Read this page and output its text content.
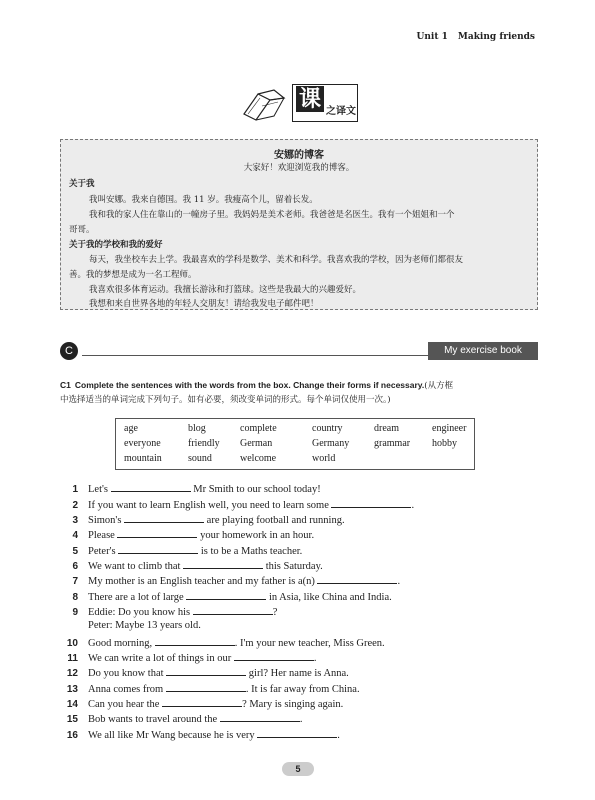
Unit 1 Making friends
课 之译文
安娜的博客
大家好！欢迎浏览我的博客。
关于我
我叫安娜。我来自德国。我 11 岁。我瘦高个儿，留着长发。
我和我的家人住在靠山的一幢房子里。我妈妈是美术老师。我爸爸是名医生。我有一个姐姐和一个
哥哥。
关于我的学校和我的爱好
每天，我坐校车去上学。我最喜欢的学科是数学、美术和科学。我喜欢我的学校，因为老师们都很友
善。我的梦想是成为一名工程师。
我喜欢很多体育运动。我擅长游泳和打篮球。这些是我最大的兴趣爱好。
我想和来自世界各地的年轻人交朋友！请给我发电子邮件吧！
C	My exercise book
C1 Complete the sentences with the words from the box. Change their forms if necessary.(从方框
中选择适当的单词完成下列句子。如有必要，须改变单词的形式。每个单词仅使用一次。)
age	blog	complete	country	dream	engineer
everyone	friendly German	Germany grammar hobby
mountain	sound	welcome	world
1 Let's	Mr Smith to our school today!
2 If you want to learn English well, you need to learn some	.
3 Simon's	are playing football and running.
4 Please	your homework in an hour.
5 Peter's	is to be a Maths teacher.
6 We want to climb that	this Saturday.
7 My mother is an English teacher and my father is a(n)	.
8 There are a lot of large	in Asia, like China and India.
9 Eddie: Do you know his	?
Peter: Maybe 13 years old.
10 Good morning,	. I'm your new teacher, Miss Green.
11 We can write a lot of things in our	.
12 Do you know that	girl? Her name is Anna.
13 Anna comes from	. It is far away from China.
14 Can you hear the	? Mary is singing again.
15 Bob wants to travel around the	.
16 We all like Mr Wang because he is very	.
5
